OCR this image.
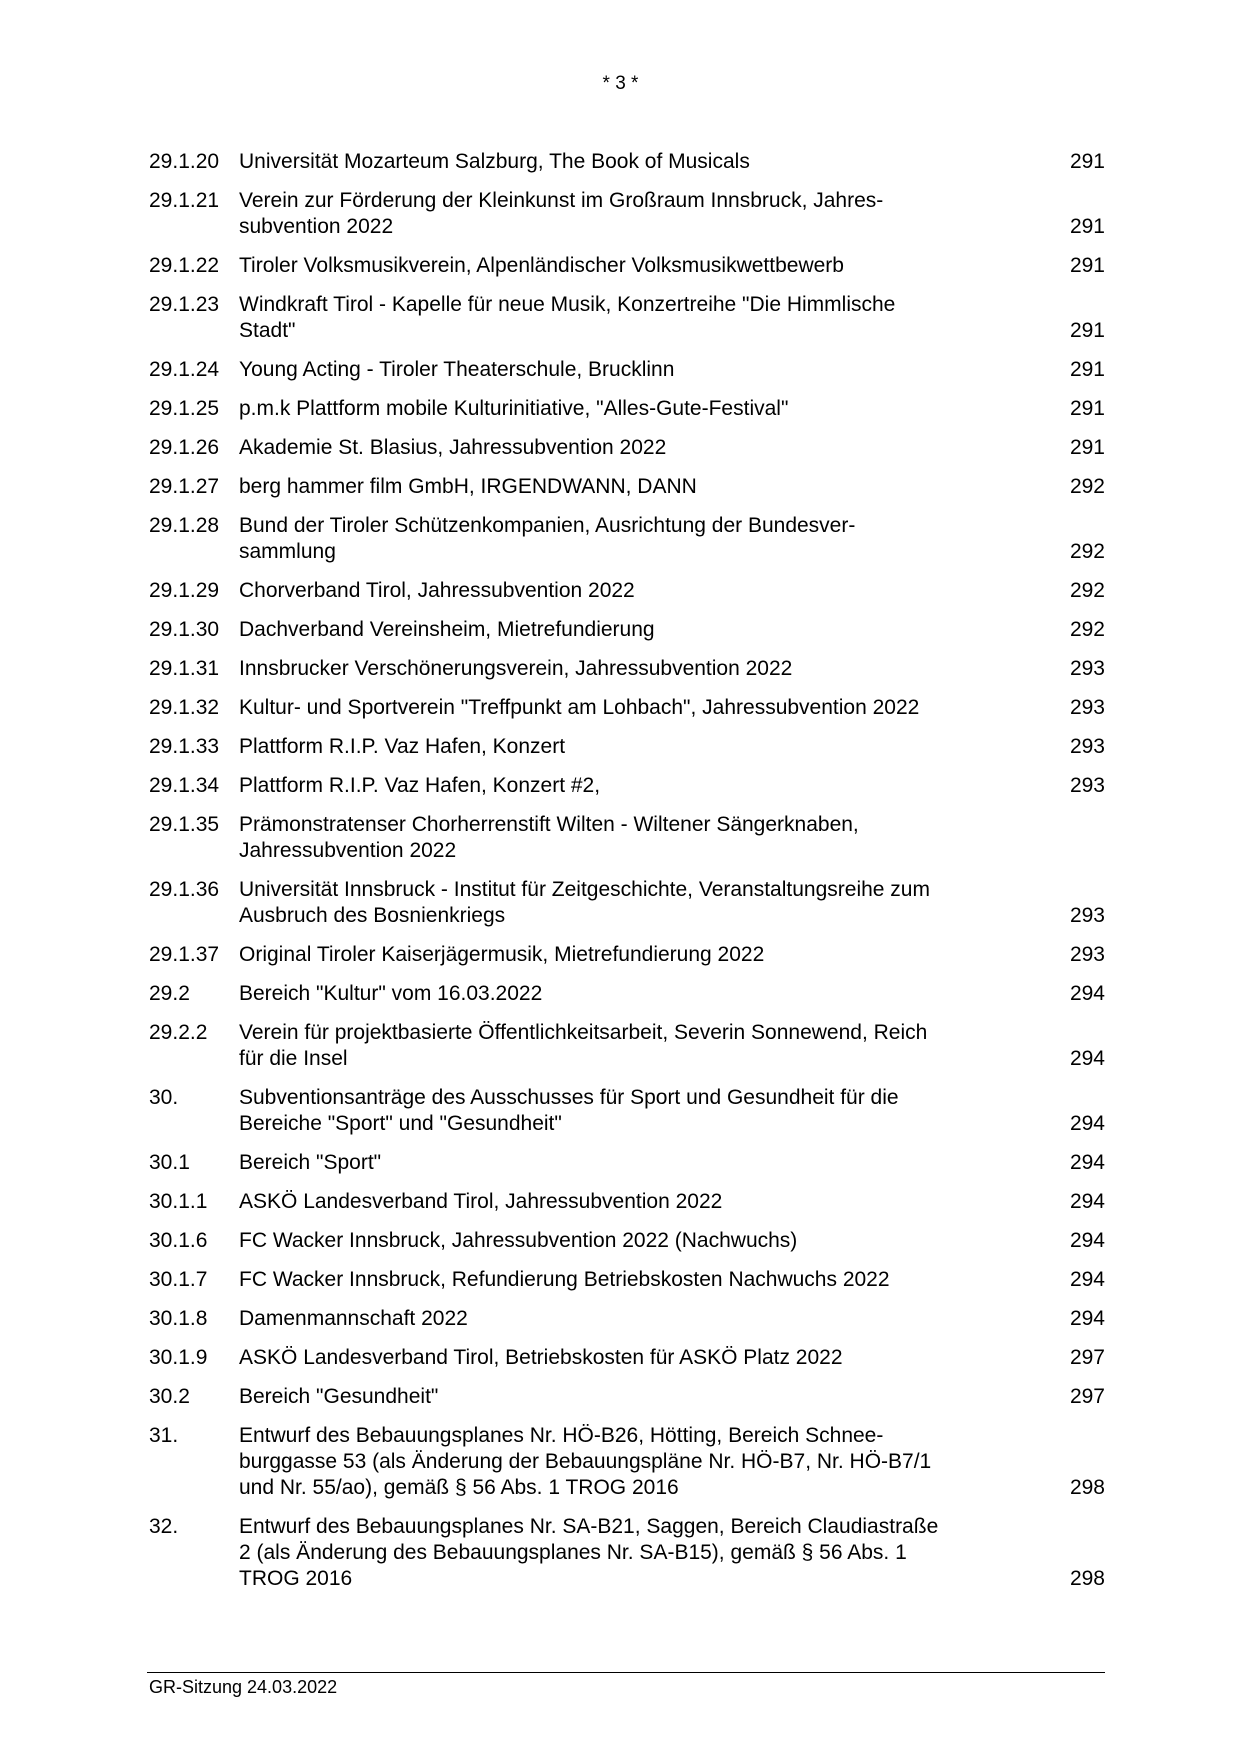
* 3 *
29.1.20 Universität Mozarteum Salzburg, The Book of Musicals	291
29.1.21 Verein zur Förderung der Kleinkunst im Großraum Innsbruck, Jahres-
subvention 2022	291
29.1.22 Tiroler Volksmusikverein, Alpenländischer Volksmusikwettbewerb	291
29.1.23 Windkraft Tirol - Kapelle für neue Musik, Konzertreihe "Die Himmlische
Stadt"	291
29.1.24 Young Acting - Tiroler Theaterschule, Brucklinn	291
29.1.25 p.m.k Plattform mobile Kulturinitiative, "Alles-Gute-Festival"	291
29.1.26 Akademie St. Blasius, Jahressubvention 2022	291
29.1.27 berg hammer film GmbH, IRGENDWANN, DANN	292
29.1.28 Bund der Tiroler Schützenkompanien, Ausrichtung der Bundesver-
sammlung	292
29.1.29 Chorverband Tirol, Jahressubvention 2022	292
29.1.30 Dachverband Vereinsheim, Mietrefundierung	292
29.1.31 Innsbrucker Verschönerungsverein, Jahressubvention 2022	293
29.1.32 Kultur- und Sportverein "Treffpunkt am Lohbach", Jahressubvention 2022	293
29.1.33 Plattform R.I.P. Vaz Hafen, Konzert	293
29.1.34 Plattform R.I.P. Vaz Hafen, Konzert #2,	293
29.1.35 Prämonstratenser Chorherrenstift Wilten - Wiltener Sängerknaben,
Jahressubvention 2022
29.1.36 Universität Innsbruck - Institut für Zeitgeschichte, Veranstaltungsreihe zum
Ausbruch des Bosnienkriegs	293
29.1.37 Original Tiroler Kaiserjägermusik, Mietrefundierung 2022	293
29.2	Bereich "Kultur" vom 16.03.2022	294
29.2.2	Verein für projektbasierte Öffentlichkeitsarbeit, Severin Sonnewend, Reich
für die Insel	294
30.	Subventionsanträge des Ausschusses für Sport und Gesundheit für die
Bereiche "Sport" und "Gesundheit"	294
30.1	Bereich "Sport"	294
30.1.1	ASKÖ Landesverband Tirol, Jahressubvention 2022	294
30.1.6	FC Wacker Innsbruck, Jahressubvention 2022 (Nachwuchs)	294
30.1.7	FC Wacker Innsbruck, Refundierung Betriebskosten Nachwuchs 2022	294
30.1.8	Damenmannschaft 2022	294
30.1.9	ASKÖ Landesverband Tirol, Betriebskosten für ASKÖ Platz 2022	297
30.2	Bereich "Gesundheit"	297
31.	Entwurf des Bebauungsplanes Nr. HÖ-B26, Hötting, Bereich Schnee-
burggasse 53 (als Änderung der Bebauungspläne Nr. HÖ-B7, Nr. HÖ-B7/1
und Nr. 55/ao), gemäß § 56 Abs. 1 TROG 2016	298
32.	Entwurf des Bebauungsplanes Nr. SA-B21, Saggen, Bereich Claudiastraße
2 (als Änderung des Bebauungsplanes Nr. SA-B15), gemäß § 56 Abs. 1
TROG 2016	298
GR-Sitzung 24.03.2022
